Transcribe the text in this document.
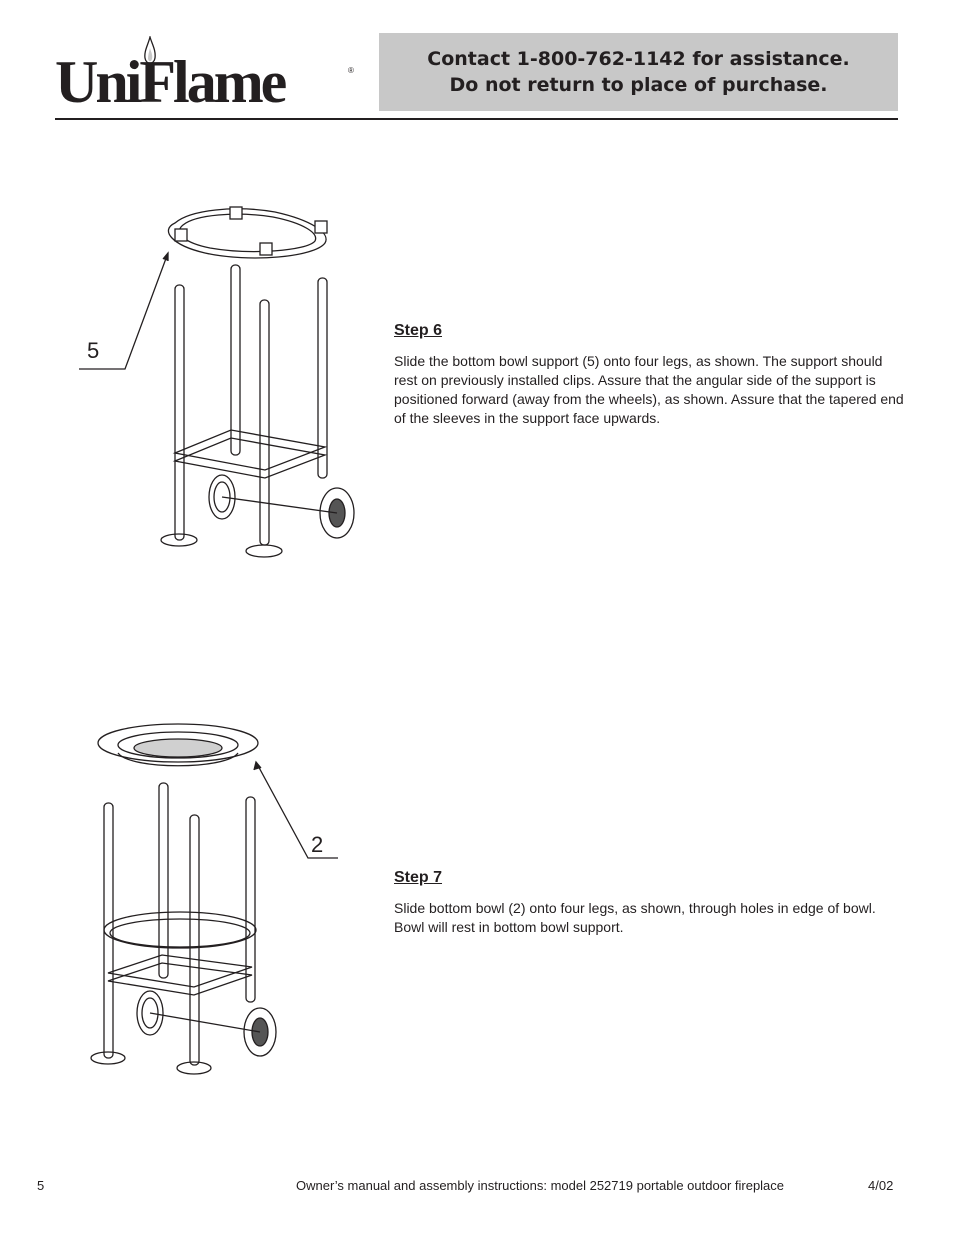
UniFlame	®
Contact 1-800-762-1142 for assistance.
Do not return to place of purchase.
5
Step 6
Slide the bottom bowl support (5) onto four legs, as shown. The support should rest on previously installed clips. Assure that the angular side of the support is positioned forward (away from the wheels), as shown. Assure that the tapered end of the sleeves in the support face upwards.
2
Step 7
Slide bottom bowl (2) onto four legs, as shown, through holes in edge of bowl. Bowl will rest in bottom bowl support.
5	Owner’s manual and assembly instructions: model 252719 portable outdoor fireplace	4/02
